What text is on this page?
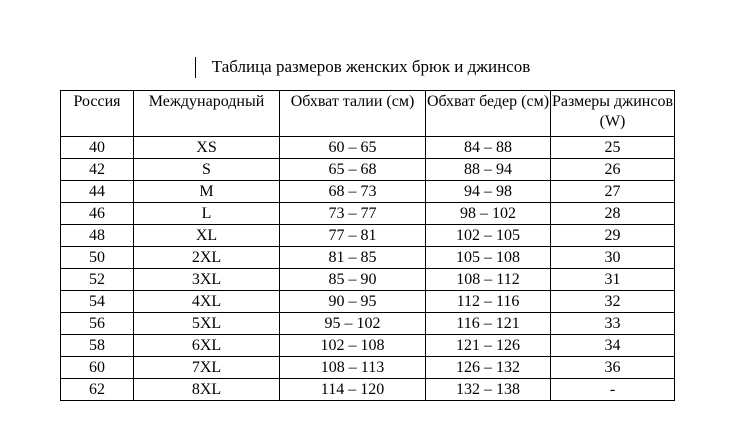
Таблица размеров женских брюк и джинсов
Россия	Международный	Обхват талии (см)	Обхват бедер (см)	Размеры джинсов (W)
40	XS	60 – 65	84 – 88	25
42	S	65 – 68	88 – 94	26
44	M	68 – 73	94 – 98	27
46	L	73 – 77	98 – 102	28
48	XL	77 – 81	102 – 105	29
50	2XL	81 – 85	105 – 108	30
52	3XL	85 – 90	108 – 112	31
54	4XL	90 – 95	112 – 116	32
56	5XL	95 – 102	116 – 121	33
58	6XL	102 – 108	121 – 126	34
60	7XL	108 – 113	126 – 132	36
62	8XL	114 – 120	132 – 138	-
